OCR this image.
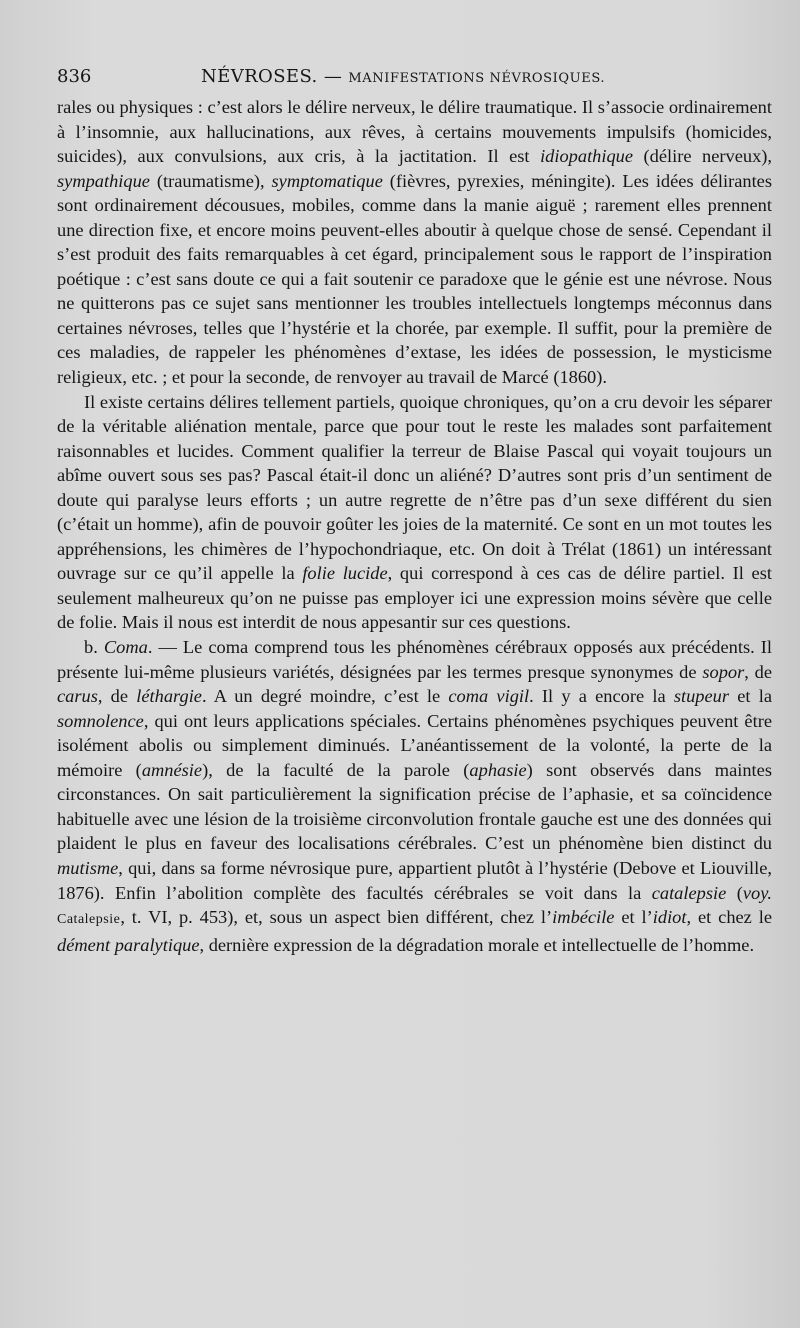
836	NÉVROSES. — MANIFESTATIONS NÉVROSIQUES.

rales ou physiques : c’est alors le délire nerveux, le délire traumatique. Il s’associe ordinairement à l’insomnie, aux hallucinations, aux rêves, à certains mouvements impulsifs (homicides, suicides), aux convulsions, aux cris, à la jactitation. Il est idiopathique (délire nerveux), sympathique (traumatisme), symptomatique (fièvres, pyrexies, méningite). Les idées délirantes sont ordinairement décousues, mobiles, comme dans la manie aiguë ; rarement elles prennent une direction fixe, et encore moins peuvent-elles aboutir à quelque chose de sensé. Cependant il s’est produit des faits remarquables à cet égard, principalement sous le rapport de l’inspiration poétique : c’est sans doute ce qui a fait soutenir ce paradoxe que le génie est une névrose. Nous ne quitterons pas ce sujet sans mentionner les troubles intellectuels longtemps méconnus dans certaines névroses, telles que l’hystérie et la chorée, par exemple. Il suffit, pour la première de ces maladies, de rappeler les phénomènes d’extase, les idées de possession, le mysticisme religieux, etc. ; et pour la seconde, de renvoyer au travail de Marcé (1860).

Il existe certains délires tellement partiels, quoique chroniques, qu’on a cru devoir les séparer de la véritable aliénation mentale, parce que pour tout le reste les malades sont parfaitement raisonnables et lucides. Comment qualifier la terreur de Blaise Pascal qui voyait toujours un abîme ouvert sous ses pas? Pascal était-il donc un aliéné? D’autres sont pris d’un sentiment de doute qui paralyse leurs efforts ; un autre regrette de n’être pas d’un sexe différent du sien (c’était un homme), afin de pouvoir goûter les joies de la maternité. Ce sont en un mot toutes les appréhensions, les chimères de l’hypochondriaque, etc. On doit à Trélat (1861) un intéressant ouvrage sur ce qu’il appelle la folie lucide, qui correspond à ces cas de délire partiel. Il est seulement malheureux qu’on ne puisse pas employer ici une expression moins sévère que celle de folie. Mais il nous est interdit de nous appesantir sur ces questions.

b. Coma. — Le coma comprend tous les phénomènes cérébraux opposés aux précédents. Il présente lui-même plusieurs variétés, désignées par les termes presque synonymes de sopor, de carus, de léthargie. A un degré moindre, c’est le coma vigil. Il y a encore la stupeur et la somnolence, qui ont leurs applications spéciales. Certains phénomènes psychiques peuvent être isolément abolis ou simplement diminués. L’anéantissement de la volonté, la perte de la mémoire (amnésie), de la faculté de la parole (aphasie) sont observés dans maintes circonstances. On sait particulièrement la signification précise de l’aphasie, et sa coïncidence habituelle avec une lésion de la troisième circonvolution frontale gauche est une des données qui plaident le plus en faveur des localisations cérébrales. C’est un phénomène bien distinct du mutisme, qui, dans sa forme névrosique pure, appartient plutôt à l’hystérie (Debove et Liouville, 1876). Enfin l’abolition complète des facultés cérébrales se voit dans la catalepsie (voy. Catalepsie, t. VI, p. 453), et, sous un aspect bien différent, chez l’imbécile et l’idiot, et chez le dément paralytique, dernière expression de la dégradation morale et intellectuelle de l’homme.
